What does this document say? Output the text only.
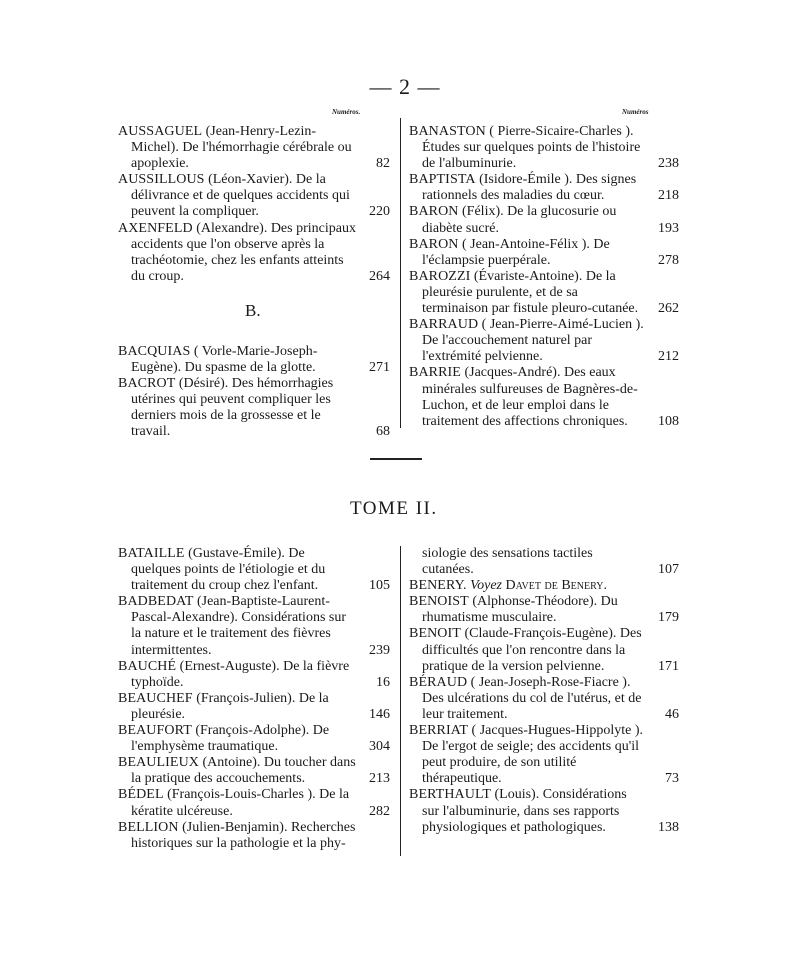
— 2 —
Numéros.	Numéros
AUSSAGUEL (Jean-Henry-Lezin-Michel). De l'hémorrhagie cérébrale ou apoplexie.	82
AUSSILLOUS (Léon-Xavier). De la délivrance et de quelques accidents qui peuvent la compliquer.	220
AXENFELD (Alexandre). Des principaux accidents que l'on observe après la trachéotomie, chez les enfants atteints du croup.	264
B.
BACQUIAS ( Vorle-Marie-Joseph-Eugène). Du spasme de la glotte.	271
BACROT (Désiré). Des hémorrhagies utérines qui peuvent compliquer les derniers mois de la grossesse et le travail.	68
BANASTON ( Pierre-Sicaire-Charles ). Études sur quelques points de l'histoire de l'albuminurie.	238
BAPTISTA (Isidore-Émile ). Des signes rationnels des maladies du cœur.	218
BARON (Félix). De la glucosurie ou diabète sucré.	193
BARON ( Jean-Antoine-Félix ). De l'éclampsie puerpérale.	278
BAROZZI (Évariste-Antoine). De la pleurésie purulente, et de sa terminaison par fistule pleuro-cutanée. 262
BARRAUD ( Jean-Pierre-Aimé-Lucien ). De l'accouchement naturel par l'extrémité pelvienne.	212
BARRIE (Jacques-André). Des eaux minérales sulfureuses de Bagnères-de-Luchon, et de leur emploi dans le traitement des affections chroniques. 108
TOME II.
BATAILLE (Gustave-Émile). De quelques points de l'étiologie et du traitement du croup chez l'enfant.	105
BADBEDAT (Jean-Baptiste-Laurent-Pascal-Alexandre). Considérations sur la nature et le traitement des fièvres intermittentes.	239
BAUCHÉ (Ernest-Auguste). De la fièvre typhoïde.	16
BEAUCHEF (François-Julien). De la pleurésie.	146
BEAUFORT (François-Adolphe). De l'emphysème traumatique.	304
BEAULIEUX (Antoine). Du toucher dans la pratique des accouchements.	213
BÉDEL (François-Louis-Charles ). De la kératite ulcéreuse.	282
BELLION (Julien-Benjamin). Recherches historiques sur la pathologie et la phy-
siologie des sensations tactiles cutanées.	107
BENERY. Voyez Davet de Benery.
BENOIST (Alphonse-Théodore). Du rhumatisme musculaire.	179
BENOIT (Claude-François-Eugène). Des difficultés que l'on rencontre dans la pratique de la version pelvienne.	171
BÉRAUD ( Jean-Joseph-Rose-Fiacre ). Des ulcérations du col de l'utérus, et de leur traitement.	46
BERRIAT ( Jacques-Hugues-Hippolyte ). De l'ergot de seigle; des accidents qu'il peut produire, de son utilité thérapeutique.	73
BERTHAULT (Louis). Considérations sur l'albuminurie, dans ses rapports physiologiques et pathologiques.	138
